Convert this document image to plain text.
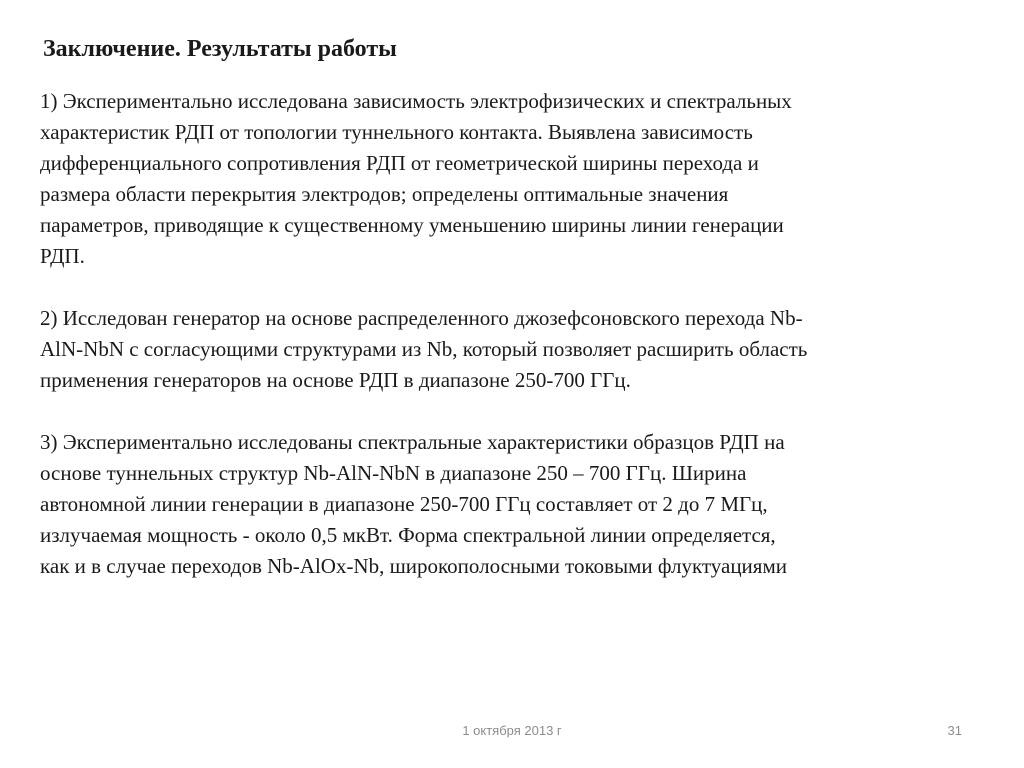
Заключение. Результаты работы
1) Экспериментально исследована зависимость электрофизических и спектральных
характеристик РДП от топологии туннельного контакта. Выявлена зависимость
дифференциального сопротивления РДП от геометрической ширины перехода и
размера области перекрытия электродов; определены оптимальные значения
параметров, приводящие к существенному уменьшению ширины линии генерации
РДП.
2) Исследован генератор на основе распределенного джозефсоновского перехода Nb-
AlN-NbN с согласующими структурами из Nb, который позволяет расширить область
применения генераторов на основе РДП в диапазоне 250-700 ГГц.
3) Экспериментально исследованы спектральные характеристики образцов РДП на
основе туннельных структур Nb-AlN-NbN в диапазоне 250 – 700 ГГц. Ширина
автономной линии генерации в диапазоне 250-700 ГГц составляет от 2 до 7 МГц,
излучаемая мощность - около 0,5 мкВт. Форма спектральной линии определяется,
как и в случае переходов Nb-AlOx-Nb, широкополосными токовыми флуктуациями
1 октября 2013 г	31
